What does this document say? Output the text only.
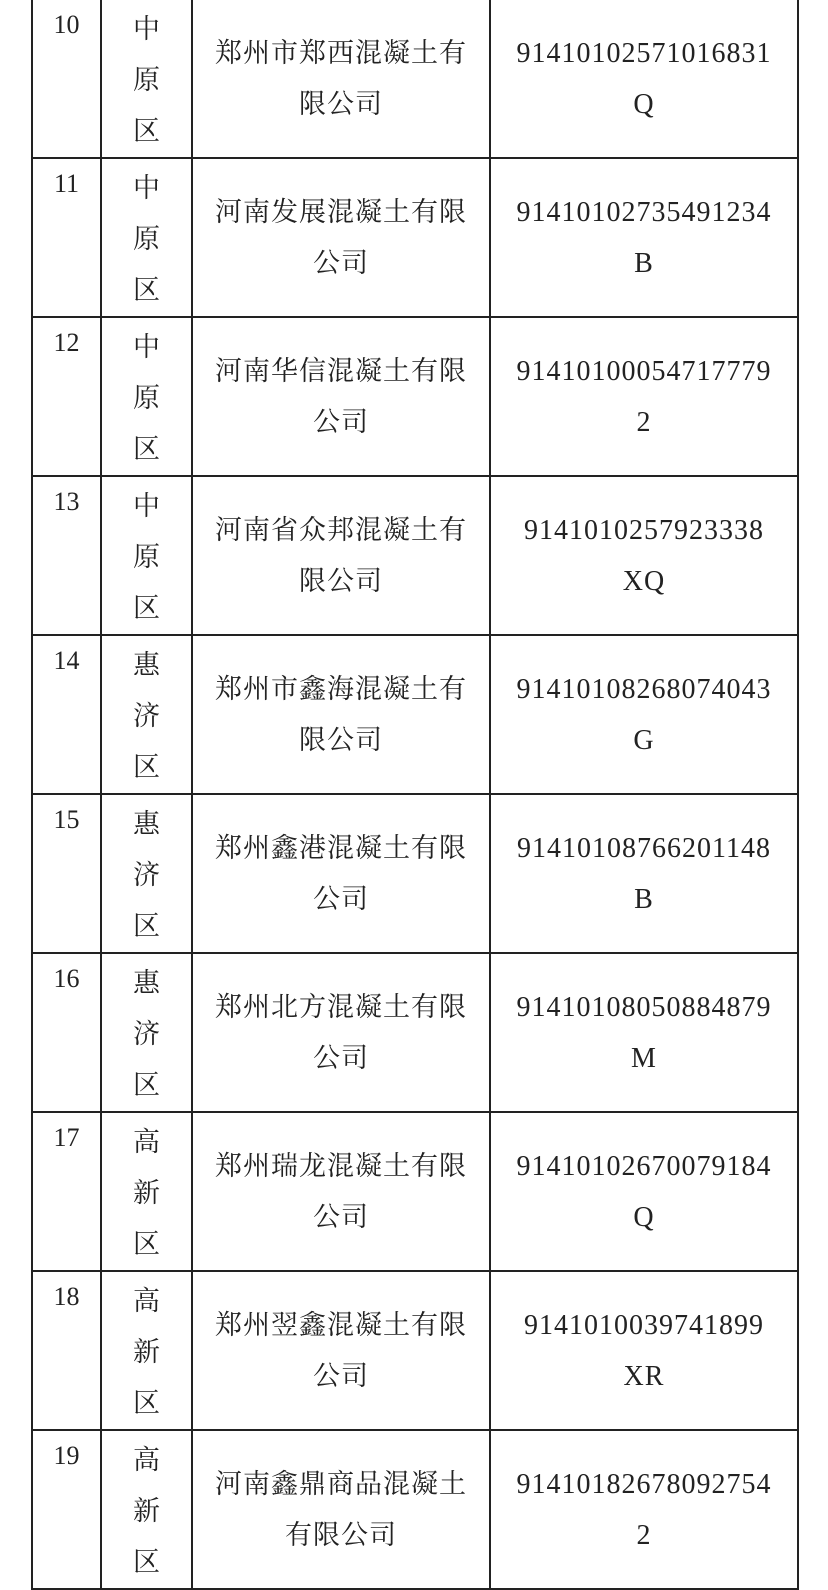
10	中
原
区	郑州市郑西混凝土有限公司	91410102571016831
Q

11	中
原
区	河南发展混凝土有限公司	91410102735491234
B

12	中
原
区	河南华信混凝土有限公司	91410100054717779
2

13	中
原
区	河南省众邦混凝土有限公司	9141010257923338
XQ

14	惠
济
区	郑州市鑫海混凝土有限公司	91410108268074043
G

15	惠
济
区	郑州鑫港混凝土有限公司	91410108766201148
B

16	惠
济
区	郑州北方混凝土有限公司	91410108050884879
M

17	高
新
区	郑州瑞龙混凝土有限公司	91410102670079184
Q

18	高
新
区	郑州翌鑫混凝土有限公司	9141010039741899
XR

19	高
新
区	河南鑫鼎商品混凝土有限公司	91410182678092754
2
